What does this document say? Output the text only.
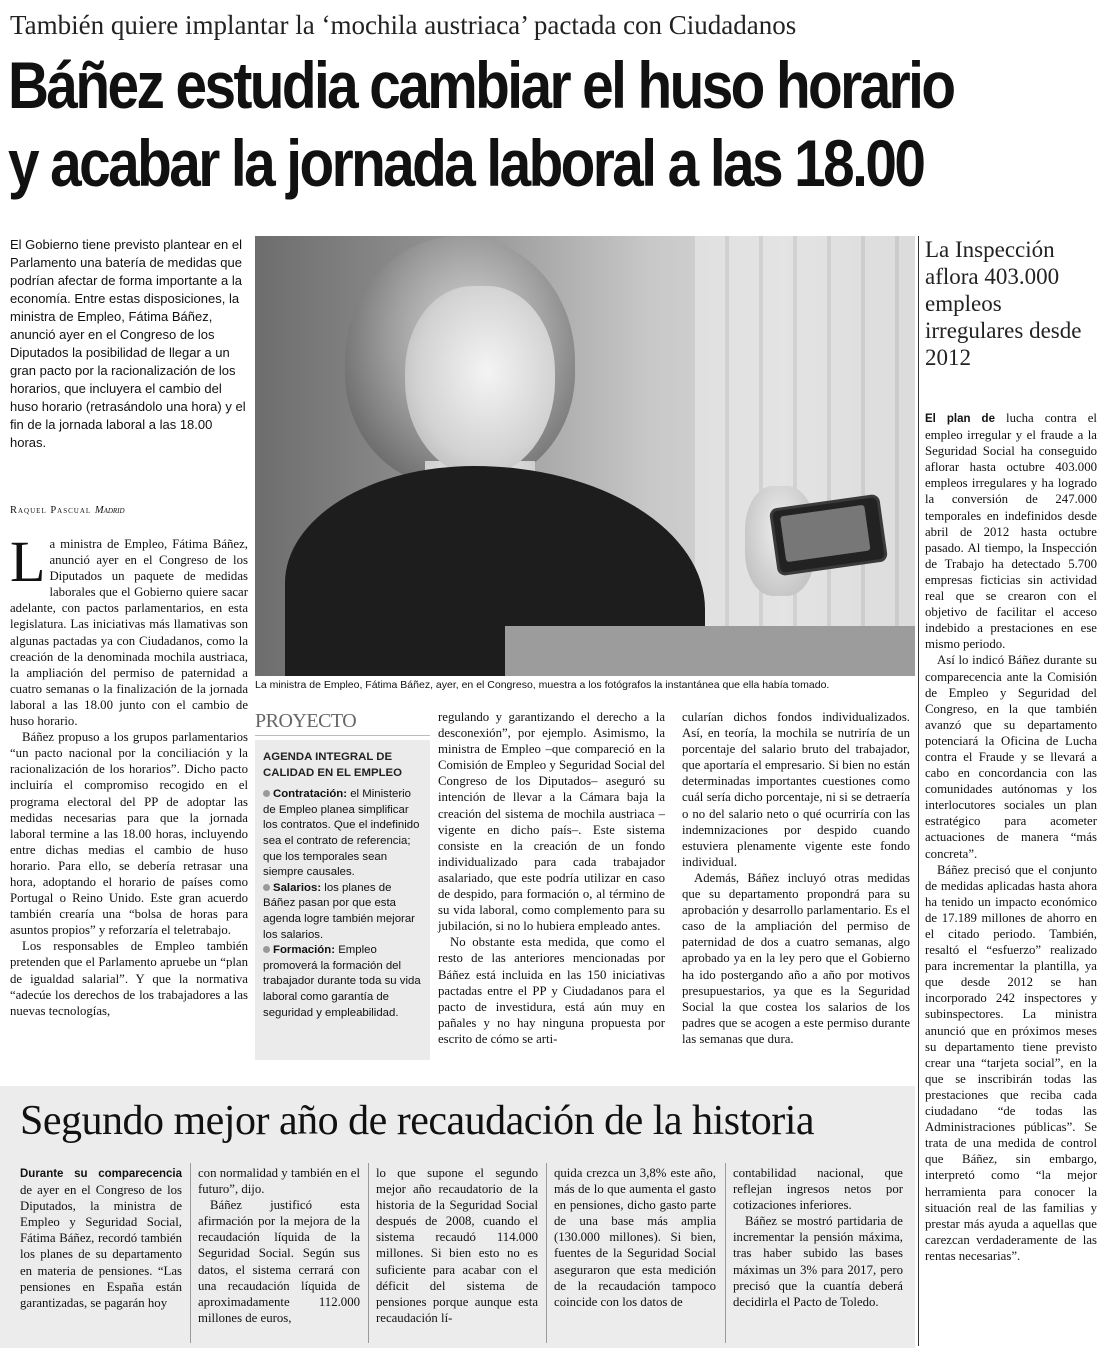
También quiere implantar la ‘mochila austriaca’ pactada con Ciudadanos
Báñez estudia cambiar el huso horario
y acabar la jornada laboral a las 18.00
El Gobierno tiene previsto plantear en el Parlamento una batería de medidas que podrían afectar de forma importante a la economía. Entre estas disposiciones, la ministra de Empleo, Fátima Báñez, anunció ayer en el Congreso de los Diputados la posibilidad de llegar a un gran pacto por la racionalización de los horarios, que incluyera el cambio del huso horario (retrasándolo una hora) y el fin de la jornada laboral a las 18.00 horas.
Raquel Pascual Madrid

La ministra de Empleo, Fátima Báñez, anunció ayer en el Congreso de los Diputados un paquete de medidas laborales que el Gobierno quiere sacar adelante, con pactos parlamentarios, en esta legislatura. Las iniciativas más llamativas son algunas pactadas ya con Ciudadanos, como la creación de la denominada mochila austriaca, la ampliación del permiso de paternidad a cuatro semanas o la finalización de la jornada laboral a las 18.00 junto con el cambio de huso horario.

Báñez propuso a los grupos parlamentarios “un pacto nacional por la conciliación y la racionalización de los horarios”. Dicho pacto incluiría el compromiso recogido en el programa electoral del PP de adoptar las medidas necesarias para que la jornada laboral termine a las 18.00 horas, incluyendo entre dichas medias el cambio de huso horario. Para ello, se debería retrasar una hora, adoptando el horario de países como Portugal o Reino Unido. Este gran acuerdo también crearía una “bolsa de horas para asuntos propios” y reforzaría el teletrabajo.

Los responsables de Empleo también pretenden que el Parlamento apruebe un “plan de igualdad salarial”. Y que la normativa “adecúe los derechos de los trabajadores a las nuevas tecnologías,

La ministra de Empleo, Fátima Báñez, ayer, en el Congreso, muestra a los fotógrafos la instantánea que ella había tomado.
PROYECTO
AGENDA INTEGRAL DE CALIDAD EN EL EMPLEO

Contratación: el Ministerio de Empleo planea simplificar los contratos. Que el indefinido sea el contrato de referencia; que los temporales sean siempre causales.

Salarios: los planes de Báñez pasan por que esta agenda logre también mejorar los salarios.

Formación: Empleo promoverá la formación del trabajador durante toda su vida laboral como garantía de seguridad y empleabilidad.

regulando y garantizando el derecho a la desconexión”, por ejemplo. Asimismo, la ministra de Empleo –que compareció en la Comisión de Empleo y Seguridad Social del Congreso de los Diputados– aseguró su intención de llevar a la Cámara baja la creación del sistema de mochila austriaca –vigente en dicho país–. Este sistema consiste en la creación de un fondo individualizado para cada trabajador asalariado, que este podría utilizar en caso de despido, para formación o, al término de su vida laboral, como complemento para su jubilación, si no lo hubiera empleado antes.

No obstante esta medida, que como el resto de las anteriores mencionadas por Báñez está incluida en las 150 iniciativas pactadas entre el PP y Ciudadanos para el pacto de investidura, está aún muy en pañales y no hay ninguna propuesta por escrito de cómo se arti-

cularían dichos fondos individualizados. Así, en teoría, la mochila se nutriría de un porcentaje del salario bruto del trabajador, que aportaría el empresario. Si bien no están determinadas importantes cuestiones como cuál sería dicho porcentaje, ni si se detraería o no del salario neto o qué ocurriría con las indemnizaciones por despido cuando estuviera plenamente vigente este fondo individual.

Además, Báñez incluyó otras medidas que su departamento propondrá para su aprobación y desarrollo parlamentario. Es el caso de la ampliación del permiso de paternidad de dos a cuatro semanas, algo aprobado ya en la ley pero que el Gobierno ha ido postergando año a año por motivos presupuestarios, ya que es la Seguridad Social la que costea los salarios de los padres que se acogen a este permiso durante las semanas que dura.

La Inspección aflora 403.000 empleos irregulares desde 2012

El plan de lucha contra el empleo irregular y el fraude a la Seguridad Social ha conseguido aflorar hasta octubre 403.000 empleos irregulares y ha logrado la conversión de 247.000 temporales en indefinidos desde abril de 2012 hasta octubre pasado. Al tiempo, la Inspección de Trabajo ha detectado 5.700 empresas ficticias sin actividad real que se crearon con el objetivo de facilitar el acceso indebido a prestaciones en ese mismo periodo.

Así lo indicó Báñez durante su comparecencia ante la Comisión de Empleo y Seguridad del Congreso, en la que también avanzó que su departamento potenciará la Oficina de Lucha contra el Fraude y se llevará a cabo en concordancia con las comunidades autónomas y los interlocutores sociales un plan estratégico para acometer actuaciones de manera “más concreta”.

Báñez precisó que el conjunto de medidas aplicadas hasta ahora ha tenido un impacto económico de 17.189 millones de ahorro en el citado periodo. También, resaltó el “esfuerzo” realizado para incrementar la plantilla, ya que desde 2012 se han incorporado 242 inspectores y subinspectores. La ministra anunció que en próximos meses su departamento tiene previsto crear una “tarjeta social”, en la que se inscribirán todas las prestaciones que reciba cada ciudadano “de todas las Administraciones públicas”. Se trata de una medida de control que Báñez, sin embargo, interpretó como “la mejor herramienta para conocer la situación real de las familias y prestar más ayuda a aquellas que carezcan verdaderamente de las rentas necesarias”.

Segundo mejor año de recaudación de la historia

Durante su comparecencia de ayer en el Congreso de los Diputados, la ministra de Empleo y Seguridad Social, Fátima Báñez, recordó también los planes de su departamento en materia de pensiones. “Las pensiones en España están garantizadas, se pagarán hoy

con normalidad y también en el futuro”, dijo.

Báñez justificó esta afirmación por la mejora de la recaudación líquida de la Seguridad Social. Según sus datos, el sistema cerrará con una recaudación líquida de aproximadamente 112.000 millones de euros,

lo que supone el segundo mejor año recaudatorio de la historia de la Seguridad Social después de 2008, cuando el sistema recaudó 114.000 millones. Si bien esto no es suficiente para acabar con el déficit del sistema de pensiones porque aunque esta recaudación lí-

quida crezca un 3,8% este año, más de lo que aumenta el gasto en pensiones, dicho gasto parte de una base más amplia (130.000 millones). Si bien, fuentes de la Seguridad Social aseguraron que esta medición de la recaudación tampoco coincide con los datos de

contabilidad nacional, que reflejan ingresos netos por cotizaciones inferiores.

Báñez se mostró partidaria de incrementar la pensión máxima, tras haber subido las bases máximas un 3% para 2017, pero precisó que la cuantía deberá decidirla el Pacto de Toledo.
